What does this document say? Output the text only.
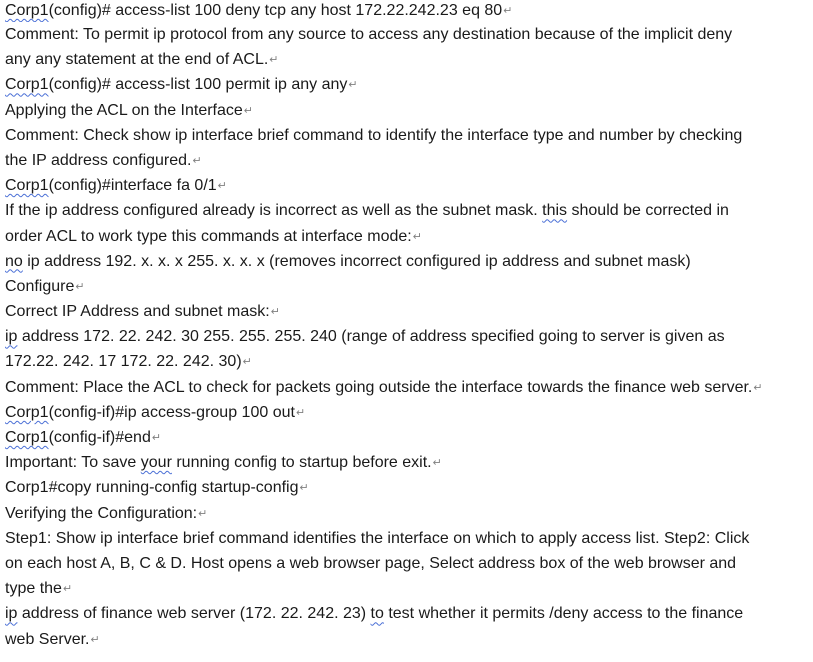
Corp1(config)# access-list 100 deny tcp any host 172.22.242.23 eq 80↵
Comment: To permit ip protocol from any source to access any destination because of the implicit deny
any any statement at the end of ACL.↵
Corp1(config)# access-list 100 permit ip any any↵
Applying the ACL on the Interface↵
Comment: Check show ip interface brief command to identify the interface type and number by checking
the IP address configured.↵
Corp1(config)#interface fa 0/1↵
If the ip address configured already is incorrect as well as the subnet mask. this should be corrected in
order ACL to work type this commands at interface mode:↵
no ip address 192. x. x. x 255. x. x. x (removes incorrect configured ip address and subnet mask)
Configure↵
Correct IP Address and subnet mask:↵
ip address 172. 22. 242. 30 255. 255. 255. 240 (range of address specified going to server is given as
172.22. 242. 17 172. 22. 242. 30)↵
Comment: Place the ACL to check for packets going outside the interface towards the finance web server.↵
Corp1(config-if)#ip access-group 100 out↵
Corp1(config-if)#end↵
Important: To save your running config to startup before exit.↵
Corp1#copy running-config startup-config↵
Verifying the Configuration:↵
Step1: Show ip interface brief command identifies the interface on which to apply access list. Step2: Click
on each host A, B, C & D. Host opens a web browser page, Select address box of the web browser and
type the↵
ip address of finance web server (172. 22. 242. 23) to test whether it permits /deny access to the finance
web Server.↵
